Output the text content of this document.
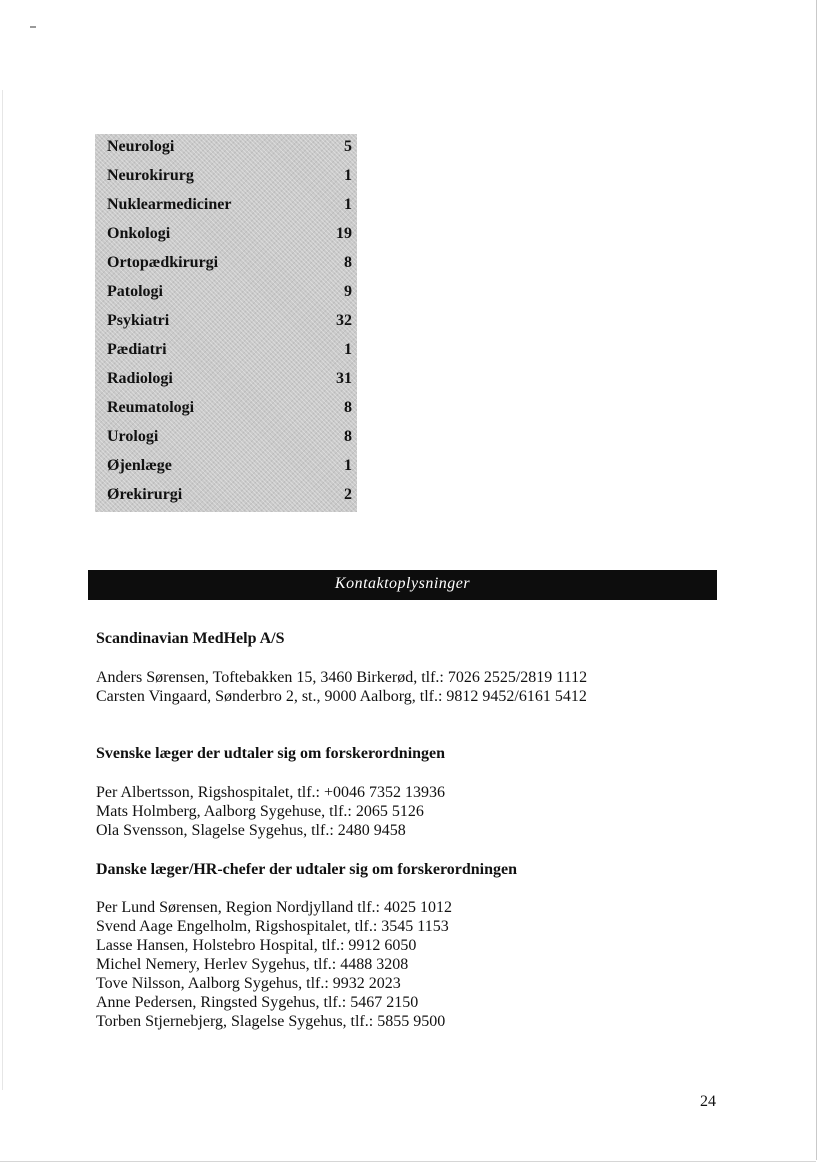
Neurologi	5
Neurokirurg	1
Nuklearmediciner	1
Onkologi	19
Ortopædkirurgi	8
Patologi	9
Psykiatri	32
Pædiatri	1
Radiologi	31
Reumatologi	8
Urologi	8
Øjenlæge	1
Ørekirurgi	2
Kontaktoplysninger
Scandinavian MedHelp A/S
Anders Sørensen, Toftebakken 15, 3460 Birkerød, tlf.: 7026 2525/2819 1112
Carsten Vingaard, Sønderbro 2, st., 9000 Aalborg, tlf.: 9812 9452/6161 5412
Svenske læger der udtaler sig om forskerordningen
Per Albertsson, Rigshospitalet, tlf.: +0046 7352 13936
Mats Holmberg, Aalborg Sygehuse, tlf.: 2065 5126
Ola Svensson, Slagelse Sygehus, tlf.: 2480 9458
Danske læger/HR-chefer der udtaler sig om forskerordningen
Per Lund Sørensen, Region Nordjylland tlf.: 4025 1012
Svend Aage Engelholm, Rigshospitalet, tlf.: 3545 1153
Lasse Hansen, Holstebro Hospital, tlf.: 9912 6050
Michel Nemery, Herlev Sygehus, tlf.: 4488 3208
Tove Nilsson, Aalborg Sygehus, tlf.: 9932 2023
Anne Pedersen, Ringsted Sygehus, tlf.: 5467 2150
Torben Stjernebjerg, Slagelse Sygehus, tlf.: 5855 9500
24
